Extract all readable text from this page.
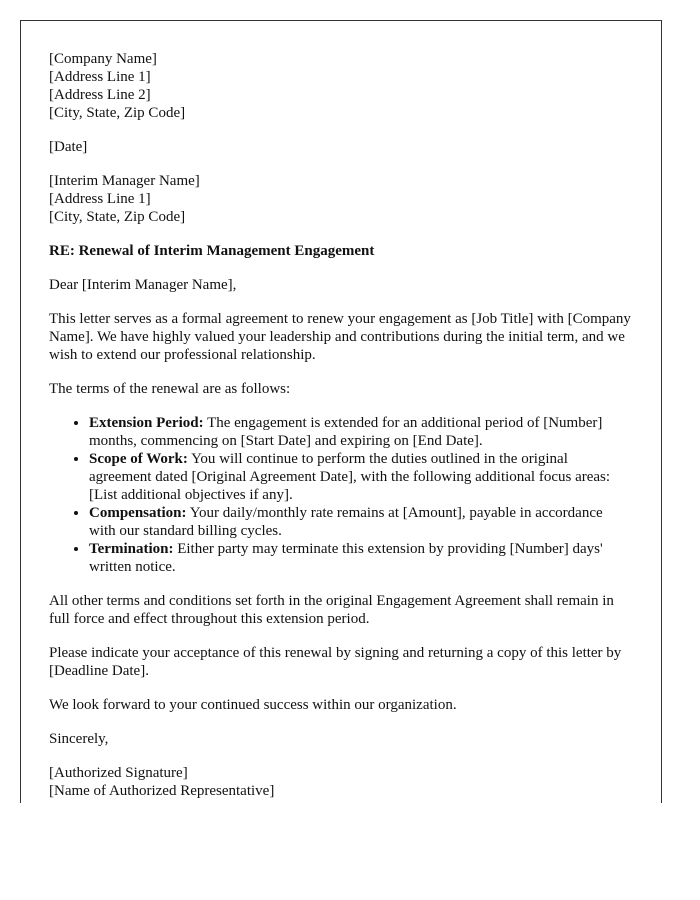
[Company Name]
[Address Line 1]
[Address Line 2]
[City, State, Zip Code]

[Date]

[Interim Manager Name]
[Address Line 1]
[City, State, Zip Code]

RE: Renewal of Interim Management Engagement

Dear [Interim Manager Name],

This letter serves as a formal agreement to renew your engagement as [Job Title] with [Company Name]. We have highly valued your leadership and contributions during the initial term, and we wish to extend our professional relationship.

The terms of the renewal are as follows:

• Extension Period: The engagement is extended for an additional period of [Number] months, commencing on [Start Date] and expiring on [End Date].
• Scope of Work: You will continue to perform the duties outlined in the original agreement dated [Original Agreement Date], with the following additional focus areas: [List additional objectives if any].
• Compensation: Your daily/monthly rate remains at [Amount], payable in accordance with our standard billing cycles.
• Termination: Either party may terminate this extension by providing [Number] days' written notice.

All other terms and conditions set forth in the original Engagement Agreement shall remain in full force and effect throughout this extension period.

Please indicate your acceptance of this renewal by signing and returning a copy of this letter by [Deadline Date].

We look forward to your continued success within our organization.

Sincerely,

[Authorized Signature]
[Name of Authorized Representative]
